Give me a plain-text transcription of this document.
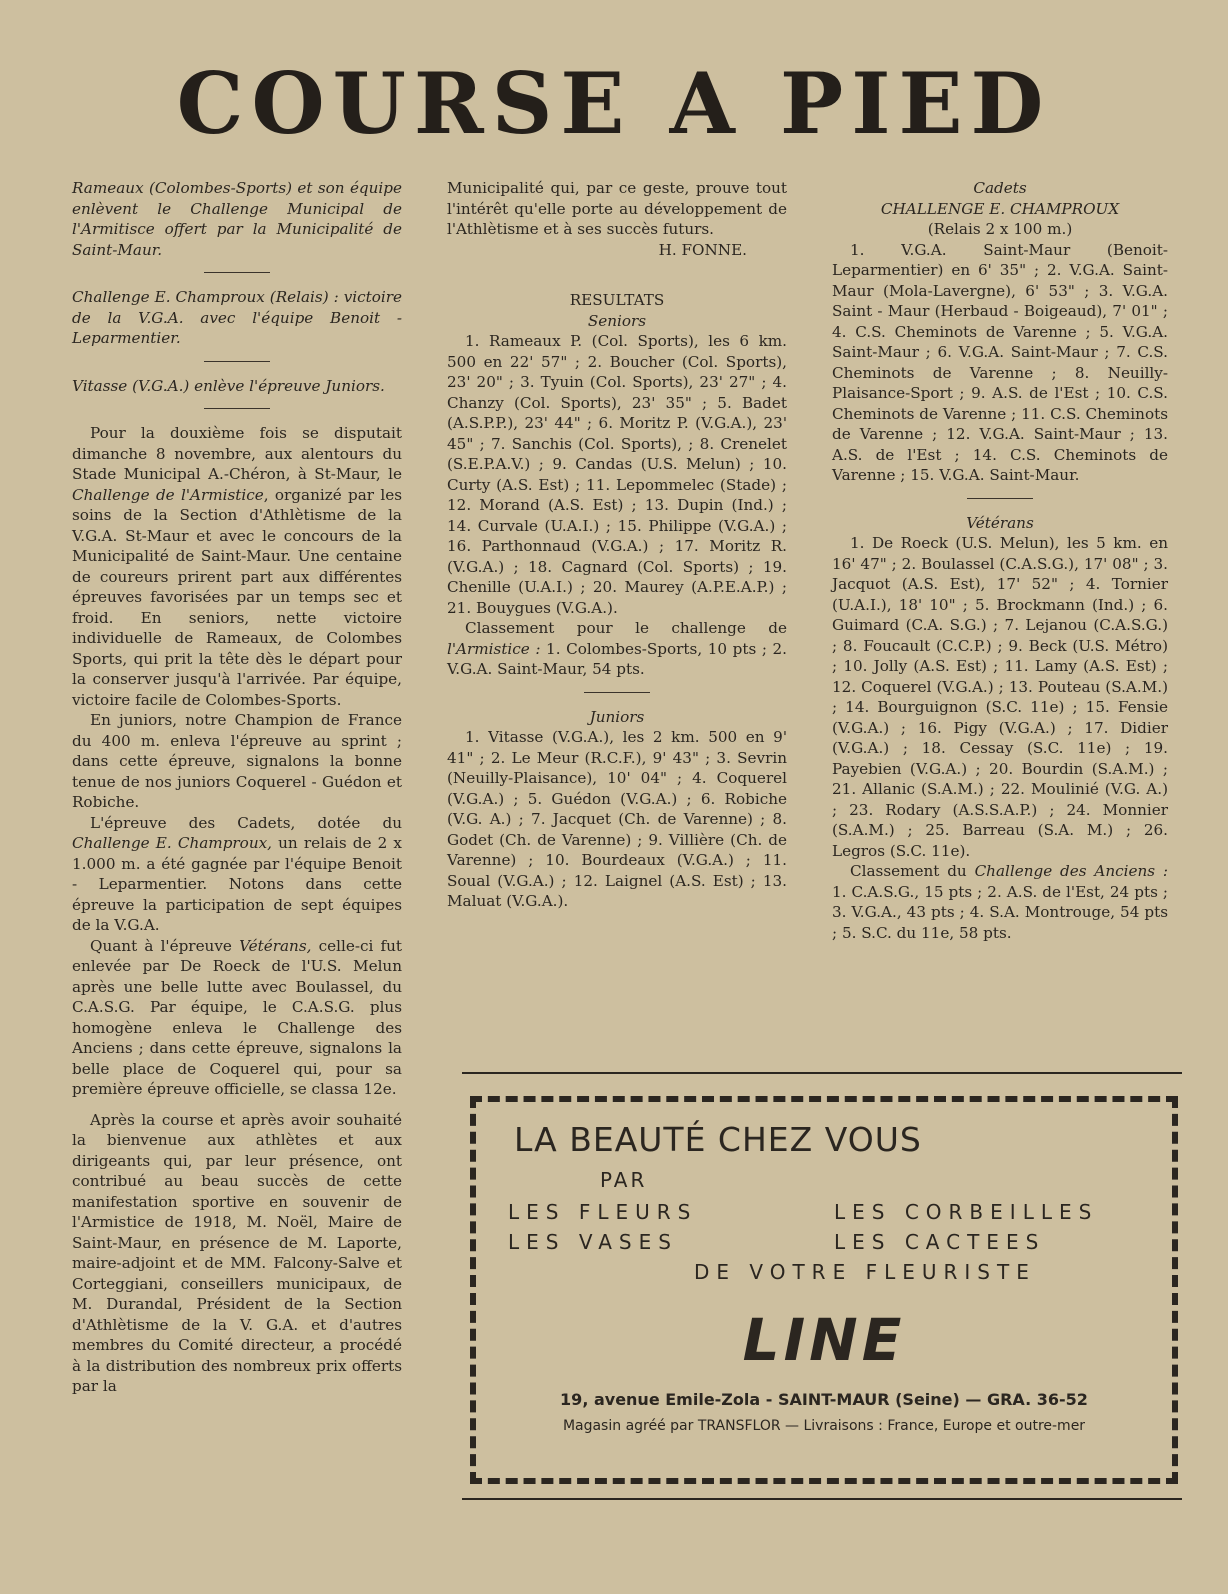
COURSE A PIED

Rameaux (Colombes-Sports) et son équipe enlèvent le Challenge Municipal de l'Armitisce offert par la Municipalité de Saint-Maur.

Challenge E. Champroux (Relais) : victoire de la V.G.A. avec l'équipe Benoit - Leparmentier.

Vitasse (V.G.A.) enlève l'épreuve Juniors.

Pour la douxième fois se disputait dimanche 8 novembre, aux alentours du Stade Municipal A.-Chéron, à St-Maur, le Challenge de l'Armistice, organizé par les soins de la Section d'Athlètisme de la V.G.A. St-Maur et avec le concours de la Municipalité de Saint-Maur. Une centaine de coureurs prirent part aux différentes épreuves favorisées par un temps sec et froid. En seniors, nette victoire individuelle de Rameaux, de Colombes Sports, qui prit la tête dès le départ pour la conserver jusqu'à l'arrivée. Par équipe, victoire facile de Colombes-Sports.

En juniors, notre Champion de France du 400 m. enleva l'épreuve au sprint ; dans cette épreuve, signalons la bonne tenue de nos juniors Coquerel - Guédon et Robiche.

L'épreuve des Cadets, dotée du Challenge E. Champroux, un relais de 2 x 1.000 m. a été gagnée par l'équipe Benoit - Leparmentier. Notons dans cette épreuve la participation de sept équipes de la V.G.A.

Quant à l'épreuve Vétérans, celle-ci fut enlevée par De Roeck de l'U.S. Melun après une belle lutte avec Boulassel, du C.A.S.G. Par équipe, le C.A.S.G. plus homogène enleva le Challenge des Anciens ; dans cette épreuve, signalons la belle place de Coquerel qui, pour sa première épreuve officielle, se classa 12e.

Après la course et après avoir souhaité la bienvenue aux athlètes et aux dirigeants qui, par leur présence, ont contribué au beau succès de cette manifestation sportive en souvenir de l'Armistice de 1918, M. Noël, Maire de Saint-Maur, en présence de M. Laporte, maire-adjoint et de MM. Falcony-Salve et Corteggiani, conseillers municipaux, de M. Durandal, Président de la Section d'Athlètisme de la V. G.A. et d'autres membres du Comité directeur, a procédé à la distribution des nombreux prix offerts par la

Municipalité qui, par ce geste, prouve tout l'intérêt qu'elle porte au développement de l'Athlètisme et à ses succès futurs.

H. FONNE.

RESULTATS

Seniors

1. Rameaux P. (Col. Sports), les 6 km. 500 en 22' 57" ; 2. Boucher (Col. Sports), 23' 20" ; 3. Tyuin (Col. Sports), 23' 27" ; 4. Chanzy (Col. Sports), 23' 35" ; 5. Badet (A.S.P.P.), 23' 44" ; 6. Moritz P. (V.G.A.), 23' 45" ; 7. Sanchis (Col. Sports), ; 8. Crenelet (S.E.P.A.V.) ; 9. Candas (U.S. Melun) ; 10. Curty (A.S. Est) ; 11. Lepommelec (Stade) ; 12. Morand (A.S. Est) ; 13. Dupin (Ind.) ; 14. Curvale (U.A.I.) ; 15. Philippe (V.G.A.) ; 16. Parthonnaud (V.G.A.) ; 17. Moritz R. (V.G.A.) ; 18. Cagnard (Col. Sports) ; 19. Chenille (U.A.I.) ; 20. Maurey (A.P.E.A.P.) ; 21. Bouygues (V.G.A.).

Classement pour le challenge de l'Armistice : 1. Colombes-Sports, 10 pts ; 2. V.G.A. Saint-Maur, 54 pts.

Juniors

1. Vitasse (V.G.A.), les 2 km. 500 en 9' 41" ; 2. Le Meur (R.C.F.), 9' 43" ; 3. Sevrin (Neuilly-Plaisance), 10' 04" ; 4. Coquerel (V.G.A.) ; 5. Guédon (V.G.A.) ; 6. Robiche (V.G. A.) ; 7. Jacquet (Ch. de Varenne) ; 8. Godet (Ch. de Varenne) ; 9. Villière (Ch. de Varenne) ; 10. Bourdeaux (V.G.A.) ; 11. Soual (V.G.A.) ; 12. Laignel (A.S. Est) ; 13. Maluat (V.G.A.).

Cadets

CHALLENGE E. CHAMPROUX

(Relais 2 x 100 m.)

1. V.G.A. Saint-Maur (Benoit-Leparmentier) en 6' 35" ; 2. V.G.A. Saint-Maur (Mola-Lavergne), 6' 53" ; 3. V.G.A. Saint - Maur (Herbaud - Boigeaud), 7' 01" ; 4. C.S. Cheminots de Varenne ; 5. V.G.A. Saint-Maur ; 6. V.G.A. Saint-Maur ; 7. C.S. Cheminots de Varenne ; 8. Neuilly-Plaisance-Sport ; 9. A.S. de l'Est ; 10. C.S. Cheminots de Varenne ; 11. C.S. Cheminots de Varenne ; 12. V.G.A. Saint-Maur ; 13. A.S. de l'Est ; 14. C.S. Cheminots de Varenne ; 15. V.G.A. Saint-Maur.

Vétérans

1. De Roeck (U.S. Melun), les 5 km. en 16' 47" ; 2. Boulassel (C.A.S.G.), 17' 08" ; 3. Jacquot (A.S. Est), 17' 52" ; 4. Tornier (U.A.I.), 18' 10" ; 5. Brockmann (Ind.) ; 6. Guimard (C.A. S.G.) ; 7. Lejanou (C.A.S.G.) ; 8. Foucault (C.C.P.) ; 9. Beck (U.S. Métro) ; 10. Jolly (A.S. Est) ; 11. Lamy (A.S. Est) ; 12. Coquerel (V.G.A.) ; 13. Pouteau (S.A.M.) ; 14. Bourguignon (S.C. 11e) ; 15. Fensie (V.G.A.) ; 16. Pigy (V.G.A.) ; 17. Didier (V.G.A.) ; 18. Cessay (S.C. 11e) ; 19. Payebien (V.G.A.) ; 20. Bourdin (S.A.M.) ; 21. Allanic (S.A.M.) ; 22. Moulinié (V.G. A.) ; 23. Rodary (A.S.S.A.P.) ; 24. Monnier (S.A.M.) ; 25. Barreau (S.A. M.) ; 26. Legros (S.C. 11e).

Classement du Challenge des Anciens : 1. C.A.S.G., 15 pts ; 2. A.S. de l'Est, 24 pts ; 3. V.G.A., 43 pts ; 4. S.A. Montrouge, 54 pts ; 5. S.C. du 11e, 58 pts.

LA BEAUTÉ CHEZ VOUS
PAR
LES FLEURS	LES CORBEILLES
LES VASES	LES CACTEES
DE VOTRE FLEURISTE
LINE
19, avenue Emile-Zola - SAINT-MAUR (Seine) — GRA. 36-52
Magasin agréé par TRANSFLOR — Livraisons : France, Europe et outre-mer
